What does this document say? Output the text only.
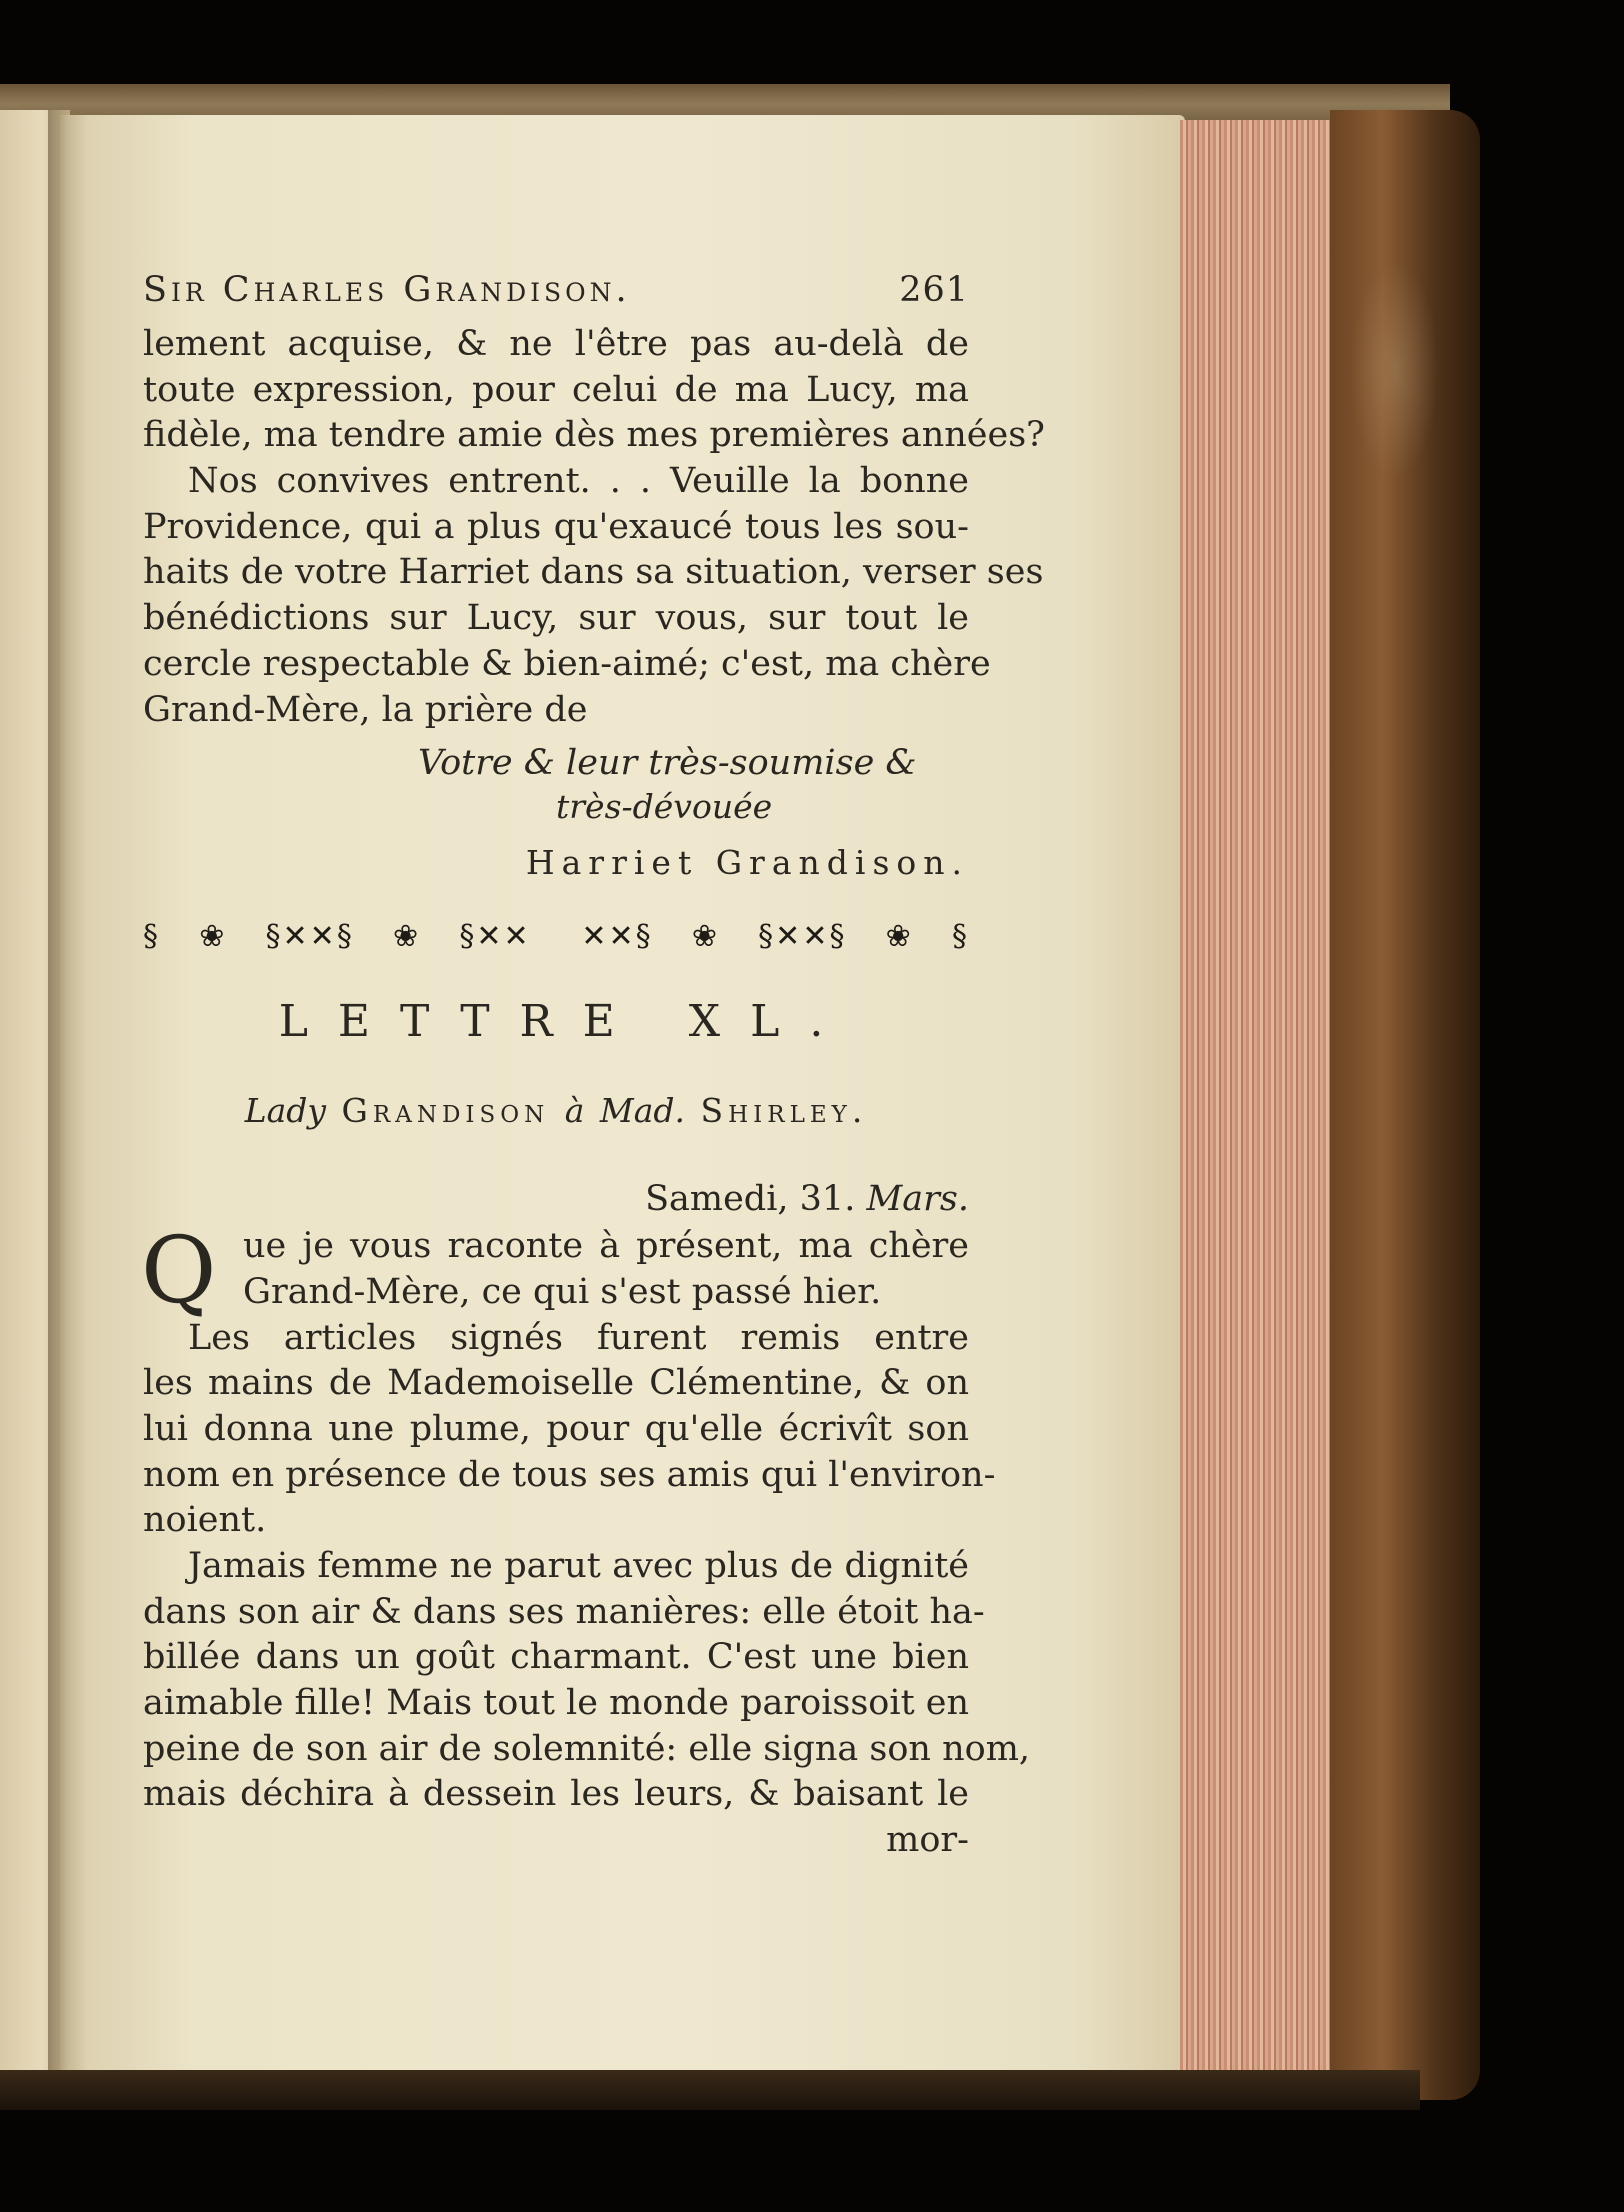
Sir Charles Grandison.	261
lement acquise, & ne l'être pas au-delà de
toute expression, pour celui de ma Lucy, ma
fidèle, ma tendre amie dès mes premières années?
Nos convives entrent. . . Veuille la bonne
Providence, qui a plus qu'exaucé tous les sou-
haits de votre Harriet dans sa situation, verser ses
bénédictions sur Lucy, sur vous, sur tout le
cercle respectable & bien-aimé; c'est, ma chère
Grand-Mère, la prière de
Votre & leur très-soumise &
très-dévouée
Harriet Grandison.
§❀§✕✕§❀§✕✕ ✕✕§❀§✕✕§❀§
LETTRE XL.
Lady Grandison à Mad. Shirley.
Samedi, 31. Mars.
Q ue je vous raconte à présent, ma chère
Grand-Mère, ce qui s'est passé hier.
Les articles signés furent remis entre
les mains de Mademoiselle Clémentine, & on
lui donna une plume, pour qu'elle écrivît son
nom en présence de tous ses amis qui l'environ-
noient.
Jamais femme ne parut avec plus de dignité
dans son air & dans ses manières: elle étoit ha-
billée dans un goût charmant. C'est une bien
aimable fille! Mais tout le monde paroissoit en
peine de son air de solemnité: elle signa son nom,
mais déchira à dessein les leurs, & baisant le
mor-
